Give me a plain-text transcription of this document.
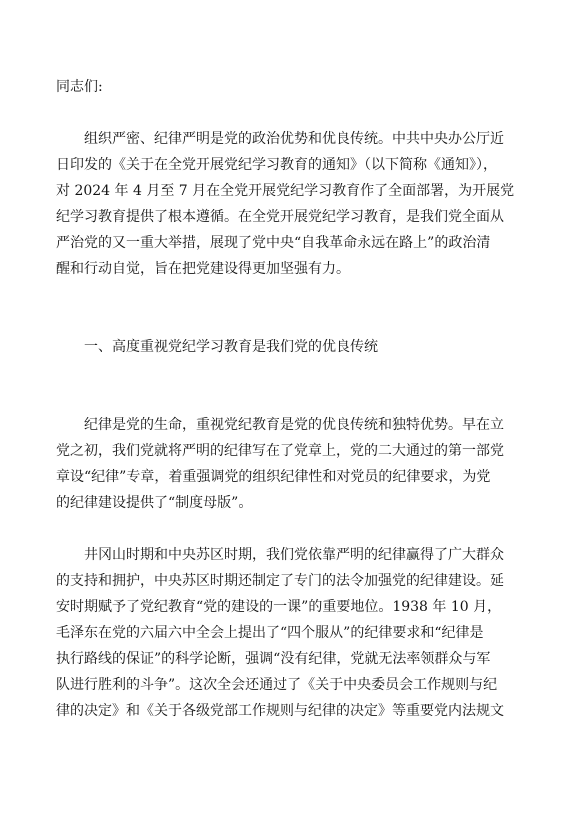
同志们:
组织严密、纪律严明是党的政治优势和优良传统。中共中央办公厅近
日印发的《关于在全党开展党纪学习教育的通知》（以下简称《通知》），
对 2024 年 4 月至 7 月在全党开展党纪学习教育作了全面部署，为开展党
纪学习教育提供了根本遵循。在全党开展党纪学习教育，是我们党全面从
严治党的又一重大举措，展现了党中央“自我革命永远在路上”的政治清
醒和行动自觉，旨在把党建设得更加坚强有力。
一、高度重视党纪学习教育是我们党的优良传统
纪律是党的生命，重视党纪教育是党的优良传统和独特优势。早在立
党之初，我们党就将严明的纪律写在了党章上，党的二大通过的第一部党
章设“纪律”专章，着重强调党的组织纪律性和对党员的纪律要求，为党
的纪律建设提供了“制度母版”。
井冈山时期和中央苏区时期，我们党依靠严明的纪律赢得了广大群众
的支持和拥护，中央苏区时期还制定了专门的法令加强党的纪律建设。延
安时期赋予了党纪教育“党的建设的一课”的重要地位。1938 年 10 月，
毛泽东在党的六届六中全会上提出了“四个服从”的纪律要求和“纪律是
执行路线的保证”的科学论断，强调“没有纪律，党就无法率领群众与军
队进行胜利的斗争”。这次全会还通过了《关于中央委员会工作规则与纪
律的决定》和《关于各级党部工作规则与纪律的决定》等重要党内法规文
